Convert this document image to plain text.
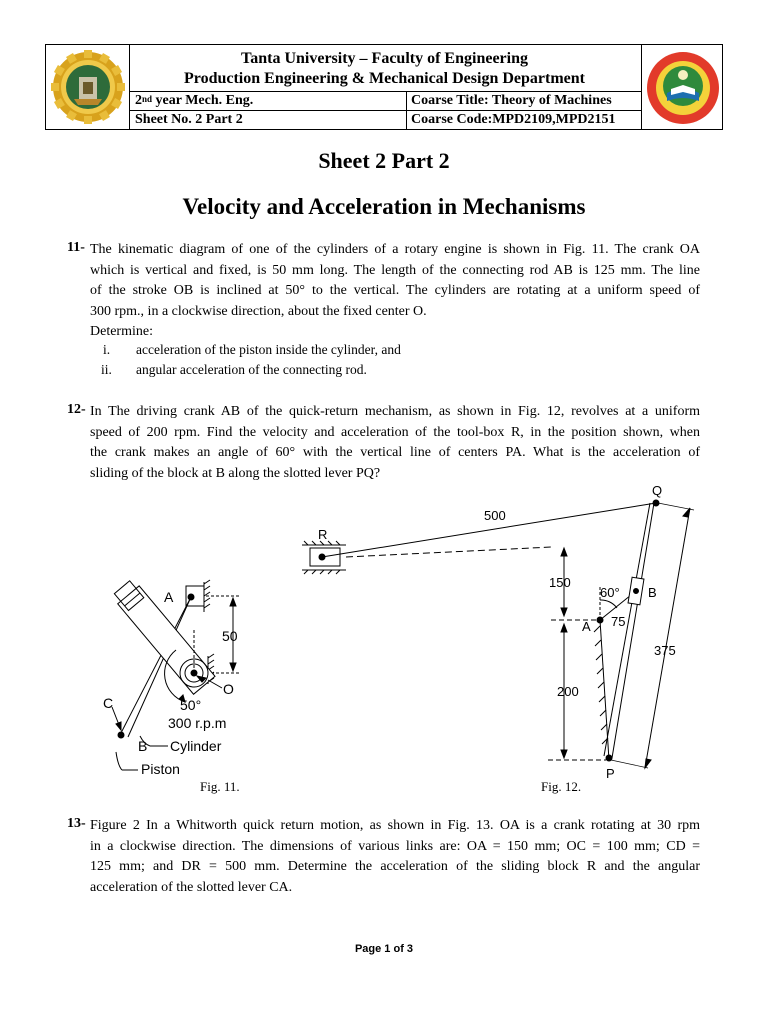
Tanta University – Faculty of Engineering
Production Engineering & Mechanical Design Department
2nd year Mech. Eng.	Coarse Title: Theory of Machines
Sheet No. 2 Part 2	Coarse Code:MPD2109,MPD2151
Sheet 2 Part 2
Velocity and Acceleration in Mechanisms
11- The kinematic diagram of one of the cylinders of a rotary engine is shown in Fig. 11. The crank OA
which is vertical and fixed, is 50 mm long. The length of the connecting rod AB is 125 mm. The line
of the stroke OB is inclined at 50° to the vertical. The cylinders are rotating at a uniform speed of
300 rpm., in a clockwise direction, about the fixed center O.
Determine:
i. acceleration of the piston inside the cylinder, and
ii. angular acceleration of the connecting rod.
12- In The driving crank AB of the quick-return mechanism, as shown in Fig. 12, revolves at a uniform
speed of 200 rpm. Find the velocity and acceleration of the tool-box R, in the position shown, when
the crank makes an angle of 60° with the vertical line of centers PA. What is the acceleration of
sliding of the block at B along the slotted lever PQ?
A
50
O
C	50°
300 r.p.m
B Cylinder
Piston
Q
500
R
150
60° B
A 75
375
200
P
Fig. 11.	Fig. 12.
13- Figure 2 In a Whitworth quick return motion, as shown in Fig. 13. OA is a crank rotating at 30 rpm
in a clockwise direction. The dimensions of various links are: OA = 150 mm; OC = 100 mm; CD =
125 mm; and DR = 500 mm. Determine the acceleration of the sliding block R and the angular
acceleration of the slotted lever CA.
Page 1 of 3
